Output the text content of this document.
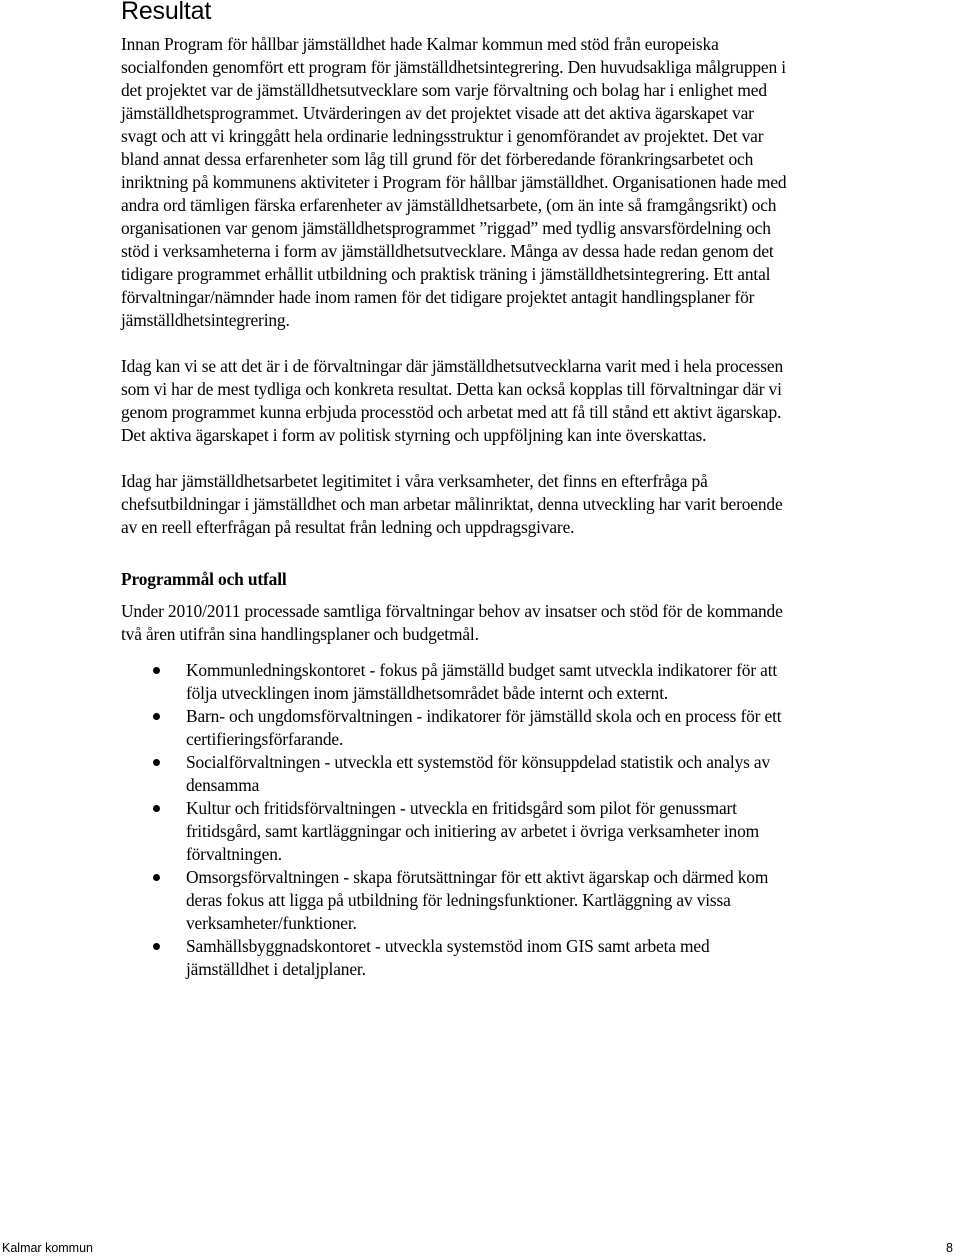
Resultat

Innan Program för hållbar jämställdhet hade Kalmar kommun med stöd från europeiska socialfonden genomfört ett program för jämställdhetsintegrering. Den huvudsakliga målgruppen i det projektet var de jämställdhetsutvecklare som varje förvaltning och bolag har i enlighet med jämställdhetsprogrammet. Utvärderingen av det projektet visade att det aktiva ägarskapet var svagt och att vi kringgått hela ordinarie ledningsstruktur i genomförandet av projektet. Det var bland annat dessa erfarenheter som låg till grund för det förberedande förankringsarbetet och inriktning på kommunens aktiviteter i Program för hållbar jämställdhet. Organisationen hade med andra ord tämligen färska erfarenheter av jämställdhetsarbete, (om än inte så framgångsrikt) och organisationen var genom jämställdhetsprogrammet ”riggad” med tydlig ansvarsfördelning och stöd i verksamheterna i form av jämställdhetsutvecklare. Många av dessa hade redan genom det tidigare programmet erhållit utbildning och praktisk träning i jämställdhetsintegrering. Ett antal förvaltningar/nämnder hade inom ramen för det tidigare projektet antagit handlingsplaner för jämställdhetsintegrering.

Idag kan vi se att det är i de förvaltningar där jämställdhetsutvecklarna varit med i hela processen som vi har de mest tydliga och konkreta resultat. Detta kan också kopplas till förvaltningar där vi genom programmet kunna erbjuda processtöd och arbetat med att få till stånd ett aktivt ägarskap. Det aktiva ägarskapet i form av politisk styrning och uppföljning kan inte överskattas.

Idag har jämställdhetsarbetet legitimitet i våra verksamheter, det finns en efterfråga på chefsutbildningar i jämställdhet och man arbetar målinriktat, denna utveckling har varit beroende av en reell efterfrågan på resultat från ledning och uppdragsgivare.

Programmål och utfall

Under 2010/2011 processade samtliga förvaltningar behov av insatser och stöd för de kommande två åren utifrån sina handlingsplaner och budgetmål.

Kommunledningskontoret - fokus på jämställd budget samt utveckla indikatorer för att följa utvecklingen inom jämställdhetsområdet både internt och externt.
Barn- och ungdomsförvaltningen - indikatorer för jämställd skola och en process för ett certifieringsförfarande.
Socialförvaltningen - utveckla ett systemstöd för könsuppdelad statistik och analys av densamma
Kultur och fritidsförvaltningen - utveckla en fritidsgård som pilot för genussmart fritidsgård, samt kartläggningar och initiering av arbetet i övriga verksamheter inom förvaltningen.
Omsorgsförvaltningen - skapa förutsättningar för ett aktivt ägarskap och därmed kom deras fokus att ligga på utbildning för ledningsfunktioner. Kartläggning av vissa verksamheter/funktioner.
Samhällsbyggnadskontoret - utveckla systemstöd inom GIS samt arbeta med jämställdhet i detaljplaner.
Kalmar kommun	8
